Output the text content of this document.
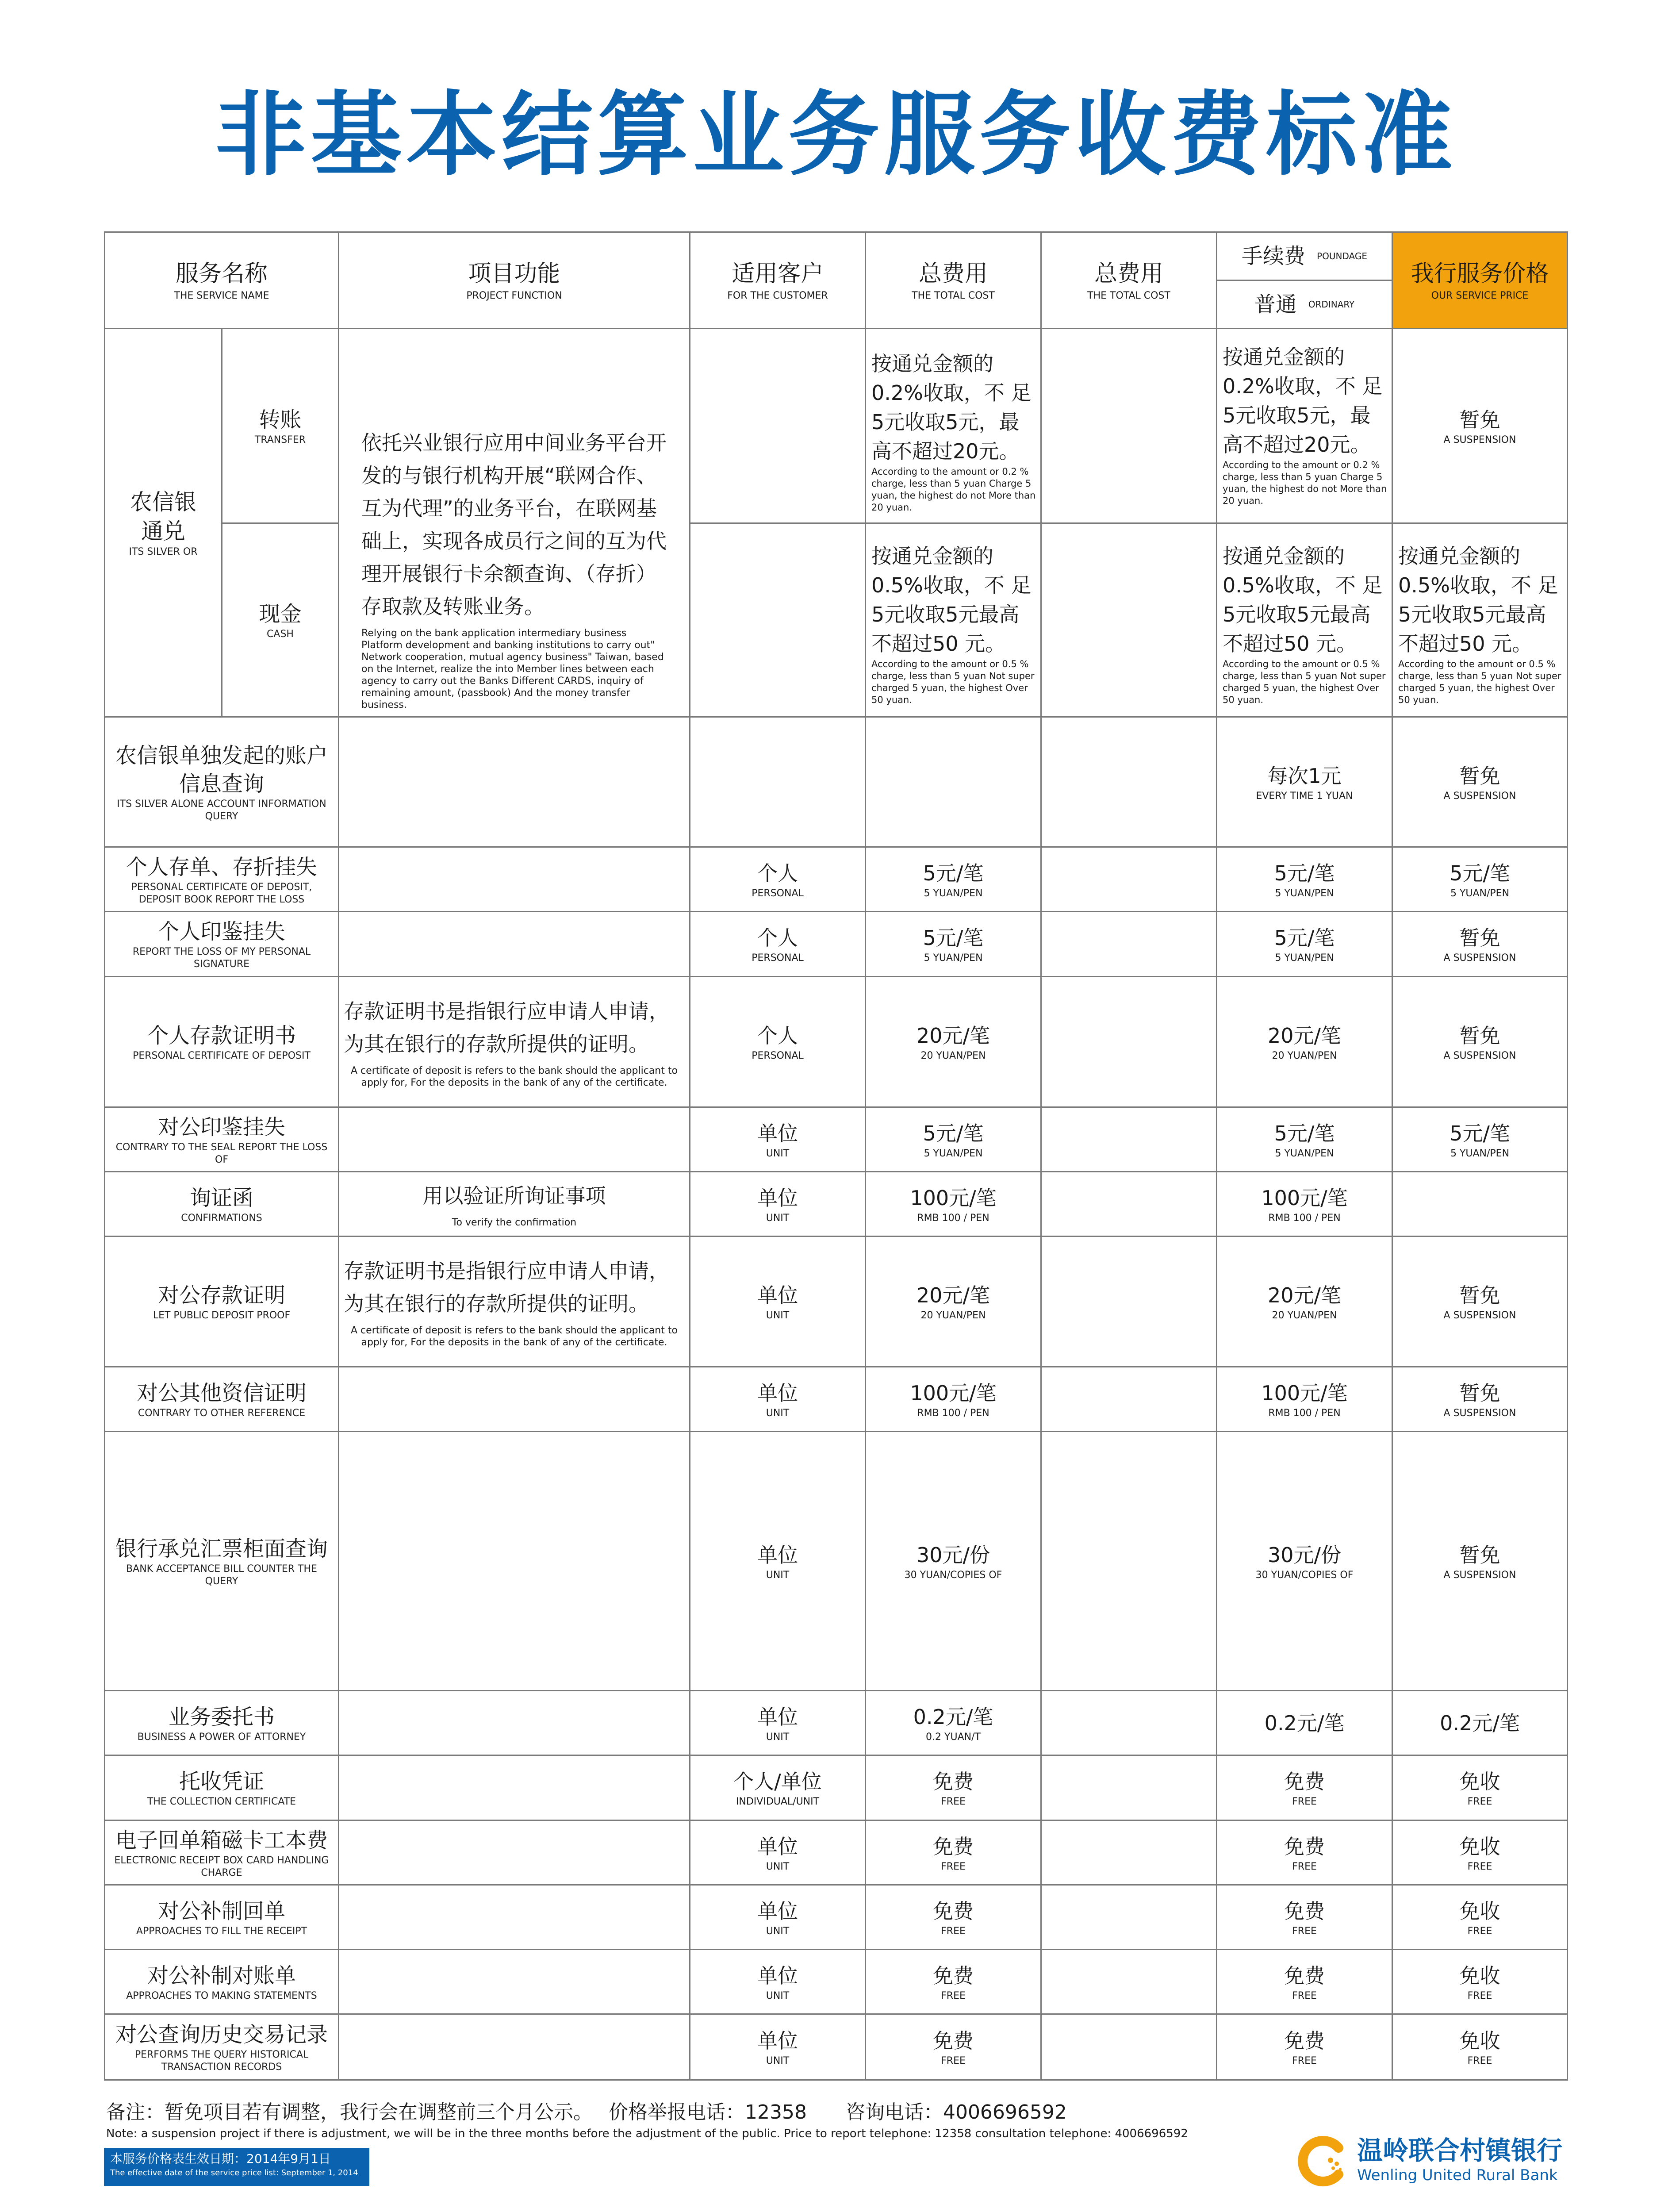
非基本结算业务服务收费标准
服务名称
THE SERVICE NAME
项目功能
PROJECT FUNCTION
适用客户
FOR THE CUSTOMER
总费用
THE TOTAL COST
总费用
THE TOTAL COST
手续费 POUNDAGE
普通 ORDINARY
我行服务价格
OUR SERVICE PRICE
农信银
通兑
ITS SILVER OR
转账
TRANSFER
现金
CASH
依托兴业银行应用中间业务平台开发的与银行机构开展“联网合作、互为代理”的业务平台，在联网基础上，实现各成员行之间的互为代理开展银行卡余额查询、（存折）存取款及转账业务。
Relying on the bank application intermediary business Platform development and banking institutions to carry out" Network cooperation, mutual agency business" Taiwan, based on the Internet, realize the into Member lines between each agency to carry out the Banks Different CARDS, inquiry of remaining amount, (passbook) And the money transfer business.
按通兑金额的0.2%收取，不 足5元收取5元，最高不超过20元。
According to the amount or 0.2 % charge, less than 5 yuan Charge 5 yuan, the highest do not More than 20 yuan.
按通兑金额的0.5%收取，不 足5元收取5元最高不超过50 元。
According to the amount or 0.5 % charge, less than 5 yuan Not super charged 5 yuan, the highest Over 50 yuan.
按通兑金额的0.2%收取，不 足5元收取5元，最高不超过20元。
According to the amount or 0.2 % charge, less than 5 yuan Charge 5 yuan, the highest do not More than 20 yuan.
按通兑金额的0.5%收取，不 足5元收取5元最高不超过50 元。
According to the amount or 0.5 % charge, less than 5 yuan Not super charged 5 yuan, the highest Over 50 yuan.
暂免
A SUSPENSION
按通兑金额的0.5%收取，不 足5元收取5元最高不超过50 元。
According to the amount or 0.5 % charge, less than 5 yuan Not super charged 5 yuan, the highest Over 50 yuan.
农信银单独发起的账户信息查询
ITS SILVER ALONE ACCOUNT INFORMATION QUERY
每次1元
EVERY TIME 1 YUAN
暂免
A SUSPENSION
个人存单、存折挂失
PERSONAL CERTIFICATE OF DEPOSIT, DEPOSIT BOOK REPORT THE LOSS
个人
PERSONAL
5元/笔
5 YUAN/PEN
5元/笔
5 YUAN/PEN
5元/笔
5 YUAN/PEN
个人印鉴挂失
REPORT THE LOSS OF MY PERSONAL SIGNATURE
个人
PERSONAL
5元/笔
5 YUAN/PEN
5元/笔
5 YUAN/PEN
暂免
A SUSPENSION
个人存款证明书
PERSONAL CERTIFICATE OF DEPOSIT
存款证明书是指银行应申请人申请，为其在银行的存款所提供的证明。
A certificate of deposit is refers to the bank should the applicant to apply for, For the deposits in the bank of any of the certificate.
个人
PERSONAL
20元/笔
20 YUAN/PEN
20元/笔
20 YUAN/PEN
暂免
A SUSPENSION
对公印鉴挂失
CONTRARY TO THE SEAL REPORT THE LOSS OF
单位
UNIT
5元/笔
5 YUAN/PEN
5元/笔
5 YUAN/PEN
5元/笔
5 YUAN/PEN
询证函
CONFIRMATIONS
用以验证所询证事项
To verify the confirmation
单位
UNIT
100元/笔
RMB 100 / PEN
100元/笔
RMB 100 / PEN
对公存款证明
LET PUBLIC DEPOSIT PROOF
存款证明书是指银行应申请人申请，为其在银行的存款所提供的证明。
A certificate of deposit is refers to the bank should the applicant to apply for, For the deposits in the bank of any of the certificate.
单位
UNIT
20元/笔
20 YUAN/PEN
20元/笔
20 YUAN/PEN
暂免
A SUSPENSION
对公其他资信证明
CONTRARY TO OTHER REFERENCE
单位
UNIT
100元/笔
RMB 100 / PEN
100元/笔
RMB 100 / PEN
暂免
A SUSPENSION
银行承兑汇票柜面查询
BANK ACCEPTANCE BILL COUNTER THE QUERY
单位
UNIT
30元/份
30 YUAN/COPIES OF
30元/份
30 YUAN/COPIES OF
暂免
A SUSPENSION
业务委托书
BUSINESS A POWER OF ATTORNEY
单位
UNIT
0.2元/笔
0.2 YUAN/T
0.2元/笔	0.2元/笔
托收凭证
THE COLLECTION CERTIFICATE
个人/单位
INDIVIDUAL/UNIT
免费
FREE
免费
FREE
免收
FREE
电子回单箱磁卡工本费
ELECTRONIC RECEIPT BOX CARD HANDLING CHARGE
单位
UNIT
免费
FREE
免费
FREE
免收
FREE
对公补制回单
APPROACHES TO FILL THE RECEIPT
单位
UNIT
免费
FREE
免费
FREE
免收
FREE
对公补制对账单
APPROACHES TO MAKING STATEMENTS
单位
UNIT
免费
FREE
免费
FREE
免收
FREE
对公查询历史交易记录
PERFORMS THE QUERY HISTORICAL TRANSACTION RECORDS
单位
UNIT
免费
FREE
免费
FREE
免收
FREE
备注：暂免项目若有调整，我行会在调整前三个月公示。　 价格举报电话：12358　　咨询电话：4006696592
Note: a suspension project if there is adjustment, we will be in the three months before the adjustment of the public. Price to report telephone: 12358 consultation telephone: 4006696592
本服务价格表生效日期：2014年9月1日
The effective date of the service price list: September 1, 2014
温岭联合村镇银行
Wenling United Rural Bank
